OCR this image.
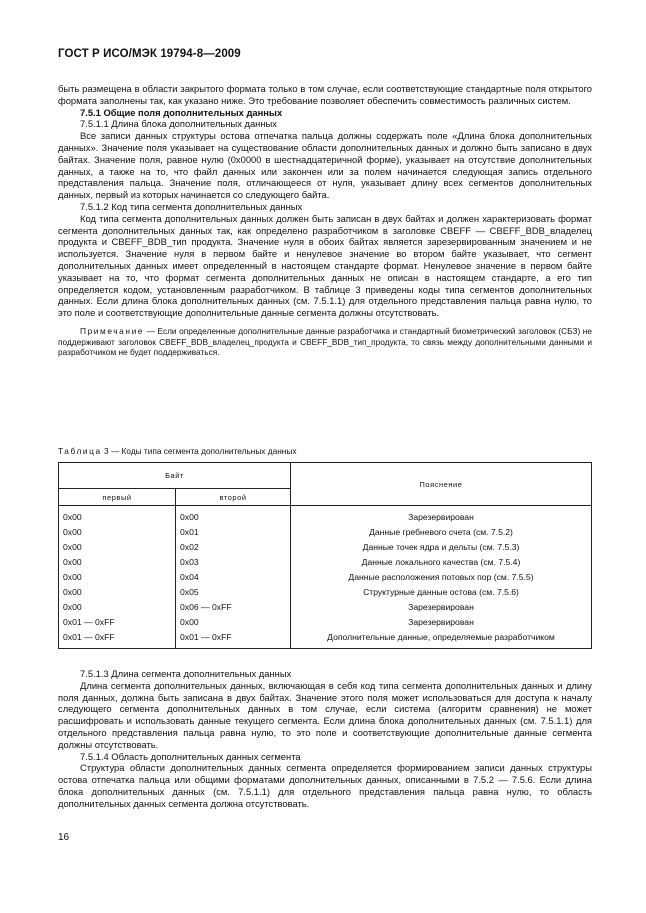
ГОСТ Р ИСО/МЭК 19794-8—2009

быть размещена в области закрытого формата только в том случае, если соответствующие стандартные поля открытого формата заполнены так, как указано ниже. Это требование позволяет обеспечить совместимость различных систем.

7.5.1 Общие поля дополнительных данных

7.5.1.1 Длина блока дополнительных данных

Все записи данных структуры остова отпечатка пальца должны содержать поле «Длина блока дополнительных данных». Значение поля указывает на существование области дополнительных данных и должно быть записано в двух байтах. Значение поля, равное нулю (0x0000 в шестнадцатеричной форме), указывает на отсутствие дополнительных данных, а также на то, что файл данных или закончен или за полем начинается следующая запись отдельного представления пальца. Значение поля, отличающееся от нуля, указывает длину всех сегментов дополнительных данных, первый из которых начинается со следующего байта.

7.5.1.2 Код типа сегмента дополнительных данных

Код типа сегмента дополнительных данных должен быть записан в двух байтах и должен характеризовать формат сегмента дополнительных данных так, как определено разработчиком в заголовке CBEFF — CBEFF_BDB_владелец продукта и CBEFF_BDB_тип продукта. Значение нуля в обоих байтах является зарезервированным значением и не используется. Значение нуля в первом байте и ненулевое значение во втором байте указывает, что сегмент дополнительных данных имеет определенный в настоящем стандарте формат. Ненулевое значение в первом байте указывает на то, что формат сегмента дополнительных данных не описан в настоящем стандарте, а его тип определяется кодом, установленным разработчиком. В таблице 3 приведены коды типа сегментов дополнительных данных. Если длина блока дополнительных данных (см. 7.5.1.1) для отдельного представления пальца равна нулю, то это поле и соответствующие дополнительные данные сегмента должны отсутствовать.

Примечание — Если определенные дополнительные данные разработчика и стандартный биометрический заголовок (СБЗ) не поддерживают заголовок CBEFF_BDB_владелец_продукта и CBEFF_BDB_тип_продукта, то связь между дополнительными данными и разработчиком не будет поддерживаться.

Таблица 3 — Коды типа сегмента дополнительных данных

Байт		Пояснение
первый	второй	
0x00	0x00	Зарезервирован
0x00	0x01	Данные гребневого счета (см. 7.5.2)
0x00	0x02	Данные точек ядра и дельты (см. 7.5.3)
0x00	0x03	Данные локального качества (см. 7.5.4)
0x00	0x04	Данные расположения потовых пор (см. 7.5.5)
0x00	0x05	Структурные данные остова (см. 7.5.6)
0x00	0x06 — 0xFF	Зарезервирован
0x01 — 0xFF	0x00	Зарезервирован
0x01 — 0xFF	0x01 — 0xFF	Дополнительные данные, определяемые разработчиком

7.5.1.3 Длина сегмента дополнительных данных

Длина сегмента дополнительных данных, включающая в себя код типа сегмента дополнительных данных и длину поля данных, должна быть записана в двух байтах. Значение этого поля может использоваться для доступа к началу следующего сегмента дополнительных данных в том случае, если система (алгоритм сравнения) не может расшифровать и использовать данные текущего сегмента. Если длина блока дополнительных данных (см. 7.5.1.1) для отдельного представления пальца равна нулю, то это поле и соответствующие дополнительные данные сегмента должны отсутствовать.

7.5.1.4 Область дополнительных данных сегмента

Структура области дополнительных данных сегмента определяется формированием записи данных структуры остова отпечатка пальца или общими форматами дополнительных данных, описанными в 7.5.2 — 7.5.6. Если длина блока дополнительных данных (см. 7.5.1.1) для отдельного представления пальца равна нулю, то область дополнительных данных сегмента должна отсутствовать.

16
